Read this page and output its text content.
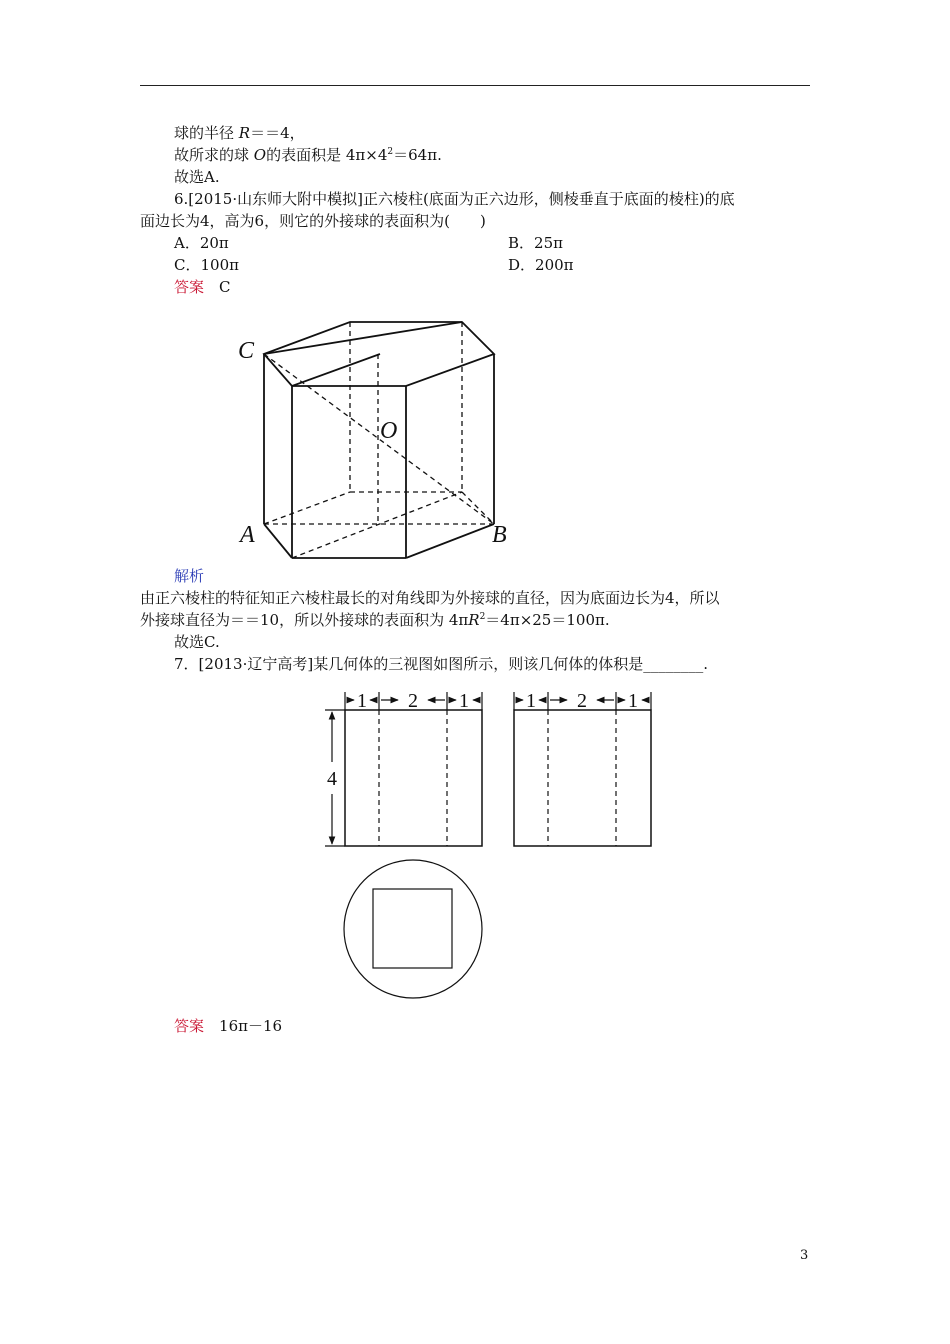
球的半径 R＝＝4，
故所求的球 O的表面积是 $4\pi\times 4^2=64\pi$.
故选A.
6.[2015·山东师大附中模拟]正六棱柱(底面为正六边形，侧棱垂直于底面的棱柱)的底
面边长为4，高为6，则它的外接球的表面积为(　　)
A．20π	B．25π
C．100π	D．200π
答案　 C
C
O
A	B
解析
由正六棱柱的特征知正六棱柱最长的对角线即为外接球的直径，因为底面边长为4，所以
外接球直径为＝＝10，所以外接球的表面积为 $4\pi R^2=4\pi\times 25=100\pi$.
故选C.
7．[2013·辽宁高考]某几何体的三视图如图所示，则该几何体的体积是________.
1 2 1	1 2 1
4
答案　 16π－16
3
